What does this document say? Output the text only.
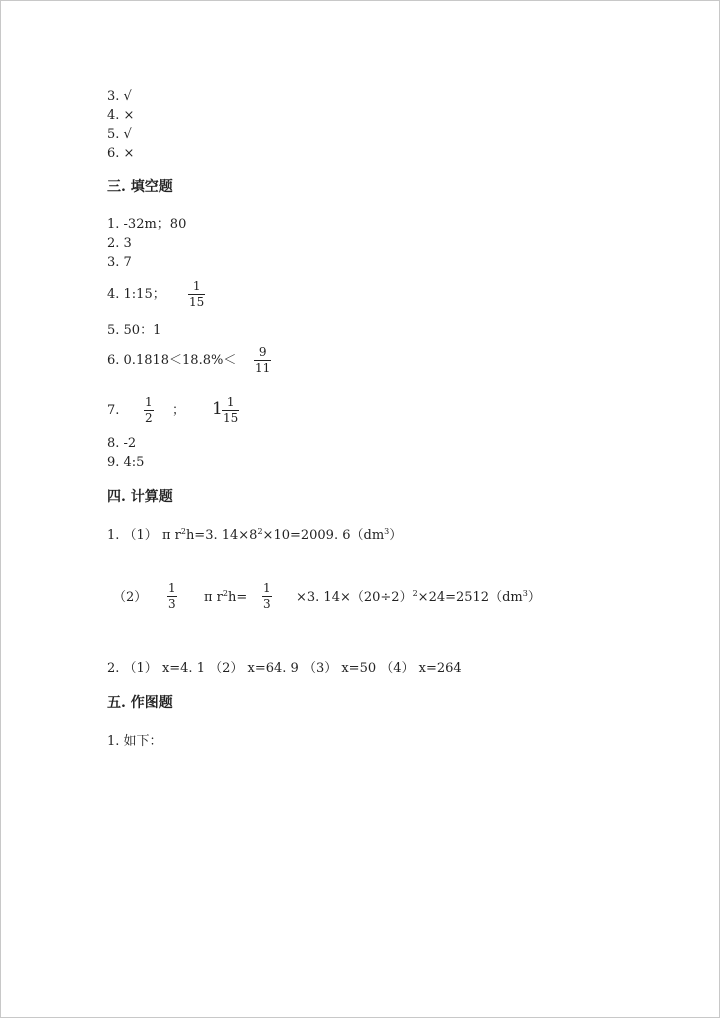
3. √
4. ×
5. √
6. ×
三. 填空题
1. -32m；80
2. 3
3. 7
4. 1:15；
1
15
5. 50：1
6. 0.1818＜18.8%＜
9
11
7.
1
2 ； 1 1
15
8. -2
9. 4:5
四. 计算题
1. （1） π $r^2h=3$. $14\times 8^2\times 10=2009$. $6(dm^3)$
（2）
1
3 π $r^2h=$
1
3 ×3. $14\times(20\div 2)^2\times 24=2512(dm^3)$
2. （1） x=4. 1 （2） x=64. 9 （3） x=50 （4） x=264
五. 作图题
1. 如下：
